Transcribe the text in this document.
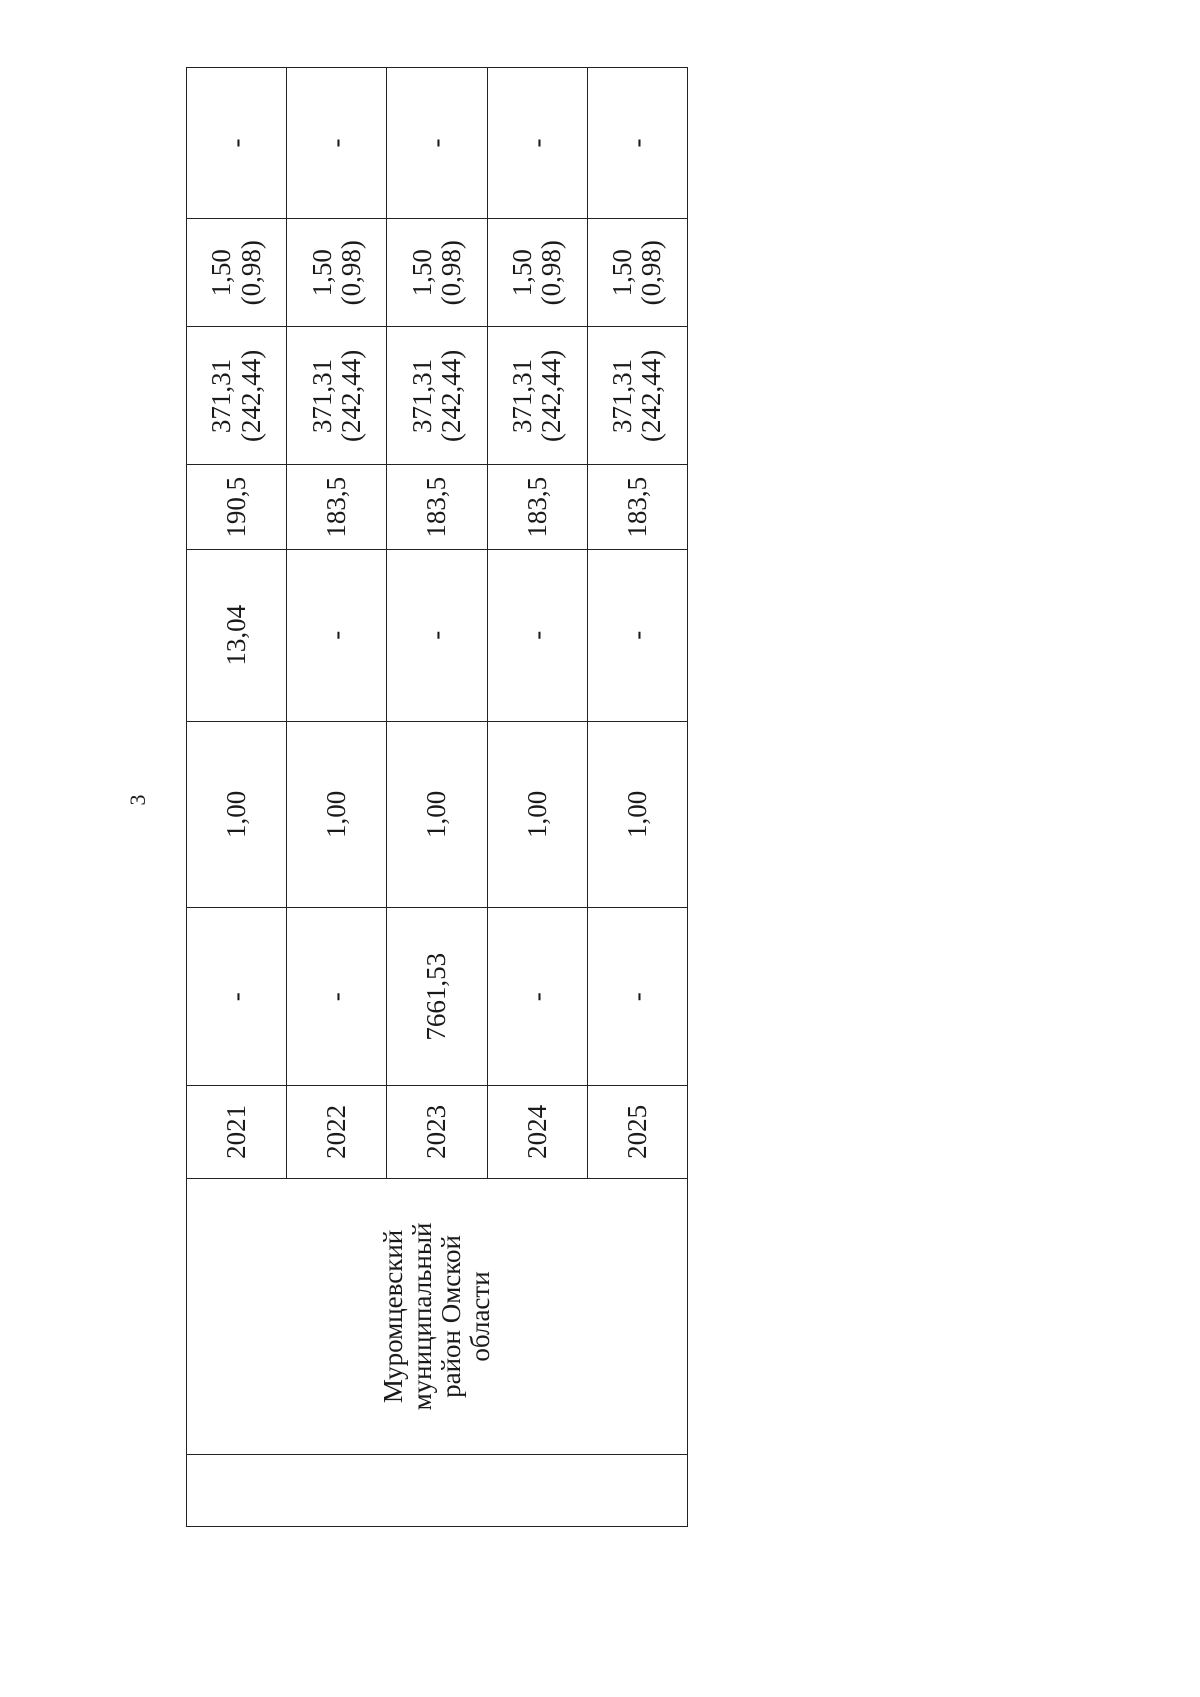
3
	Муромцевский муниципальный район Омской области	2021	-	1,00	13,04	190,5	371,31 (242,44)	1,50 (0,98)	-
		2022	-	1,00	-	183,5	371,31 (242,44)	1,50 (0,98)	-
		2023	7661,53	1,00	-	183,5	371,31 (242,44)	1,50 (0,98)	-
		2024	-	1,00	-	183,5	371,31 (242,44)	1,50 (0,98)	-
		2025	-	1,00	-	183,5	371,31 (242,44)	1,50 (0,98)	-
